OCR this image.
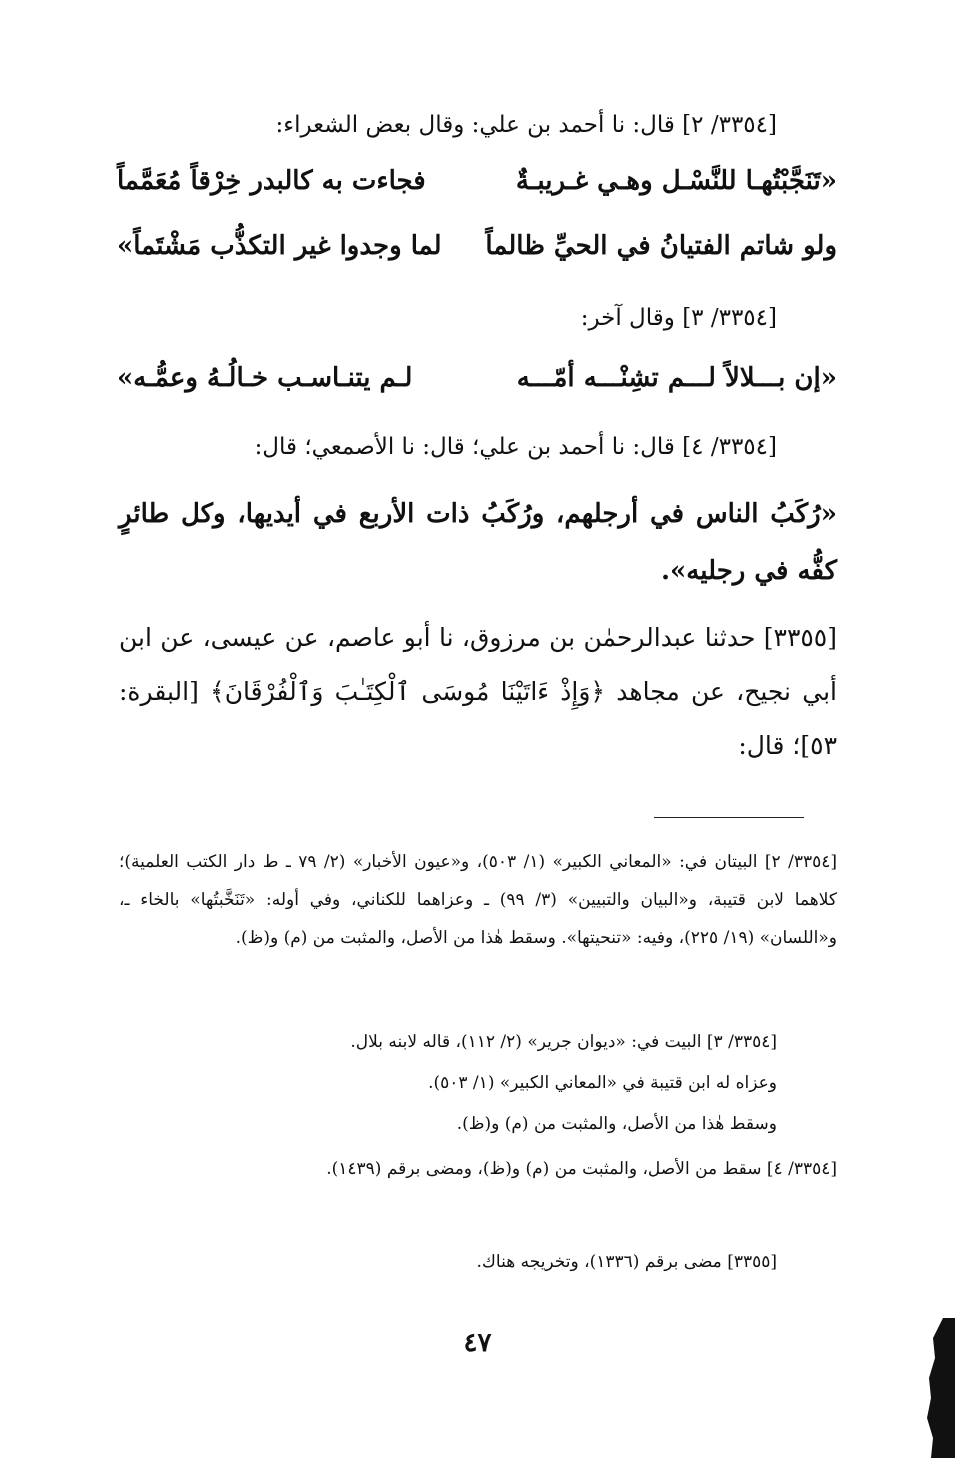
[٣٣٥٤/ ٢] قال: نا أحمد بن علي: وقال بعض الشعراء:
«تَنَجَّبْتُهـا للنَّسْـل وهـي غـريبـةٌ
فجاءت به كالبدر خِرْقاً مُعَمَّماً
ولو شاتم الفتيانُ في الحيِّ ظالماً
لما وجدوا غير التكذُّب مَشْتَماً»
[٣٣٥٤/ ٣] وقال آخر:
«إن بـــلالاً لـــم تشِنْـــه أمّـــه
لـم يتنـاسـب خـالُـهُ وعمُّـه»
[٣٣٥٤/ ٤] قال: نا أحمد بن علي؛ قال: نا الأصمعي؛ قال:
«رُكَبُ الناس في أرجلهم، ورُكَبُ ذات الأربع في أيديها، وكل طائرٍ كفُّه في رجليه».
[٣٣٥٥] حدثنا عبدالرحمٰن بن مرزوق، نا أبو عاصم، عن عيسى، عن ابن أبي نجيح، عن مجاهد ﴿وَإِذْ ءَاتَيْنَا مُوسَى ٱلْكِتَـٰبَ وَٱلْفُرْقَانَ﴾ [البقرة: ٥٣]؛ قال:
[٣٣٥٤/ ٢] البيتان في: «المعاني الكبير» (١/ ٥٠٣)، و«عيون الأخبار» (٢/ ٧٩ ـ ط دار الكتب العلمية)؛ كلاهما لابن قتيبة، و«البيان والتبيين» (٣/ ٩٩) ـ وعزاهما للكناني، وفي أوله: «تَنَخَّبتُها» بالخاء ـ، و«اللسان» (١٩/ ٢٢٥)، وفيه: «تنحيتها». وسقط هٰذا من الأصل، والمثبت من (م) و(ظ).
[٣٣٥٤/ ٣] البيت في: «ديوان جرير» (٢/ ١١٢)، قاله لابنه بلال.
وعزاه له ابن قتيبة في «المعاني الكبير» (١/ ٥٠٣).
وسقط هٰذا من الأصل، والمثبت من (م) و(ظ).
[٣٣٥٤/ ٤] سقط من الأصل، والمثبت من (م) و(ظ)، ومضى برقم (١٤٣٩).
[٣٣٥٥] مضى برقم (١٣٣٦)، وتخريجه هناك.
٤٧
